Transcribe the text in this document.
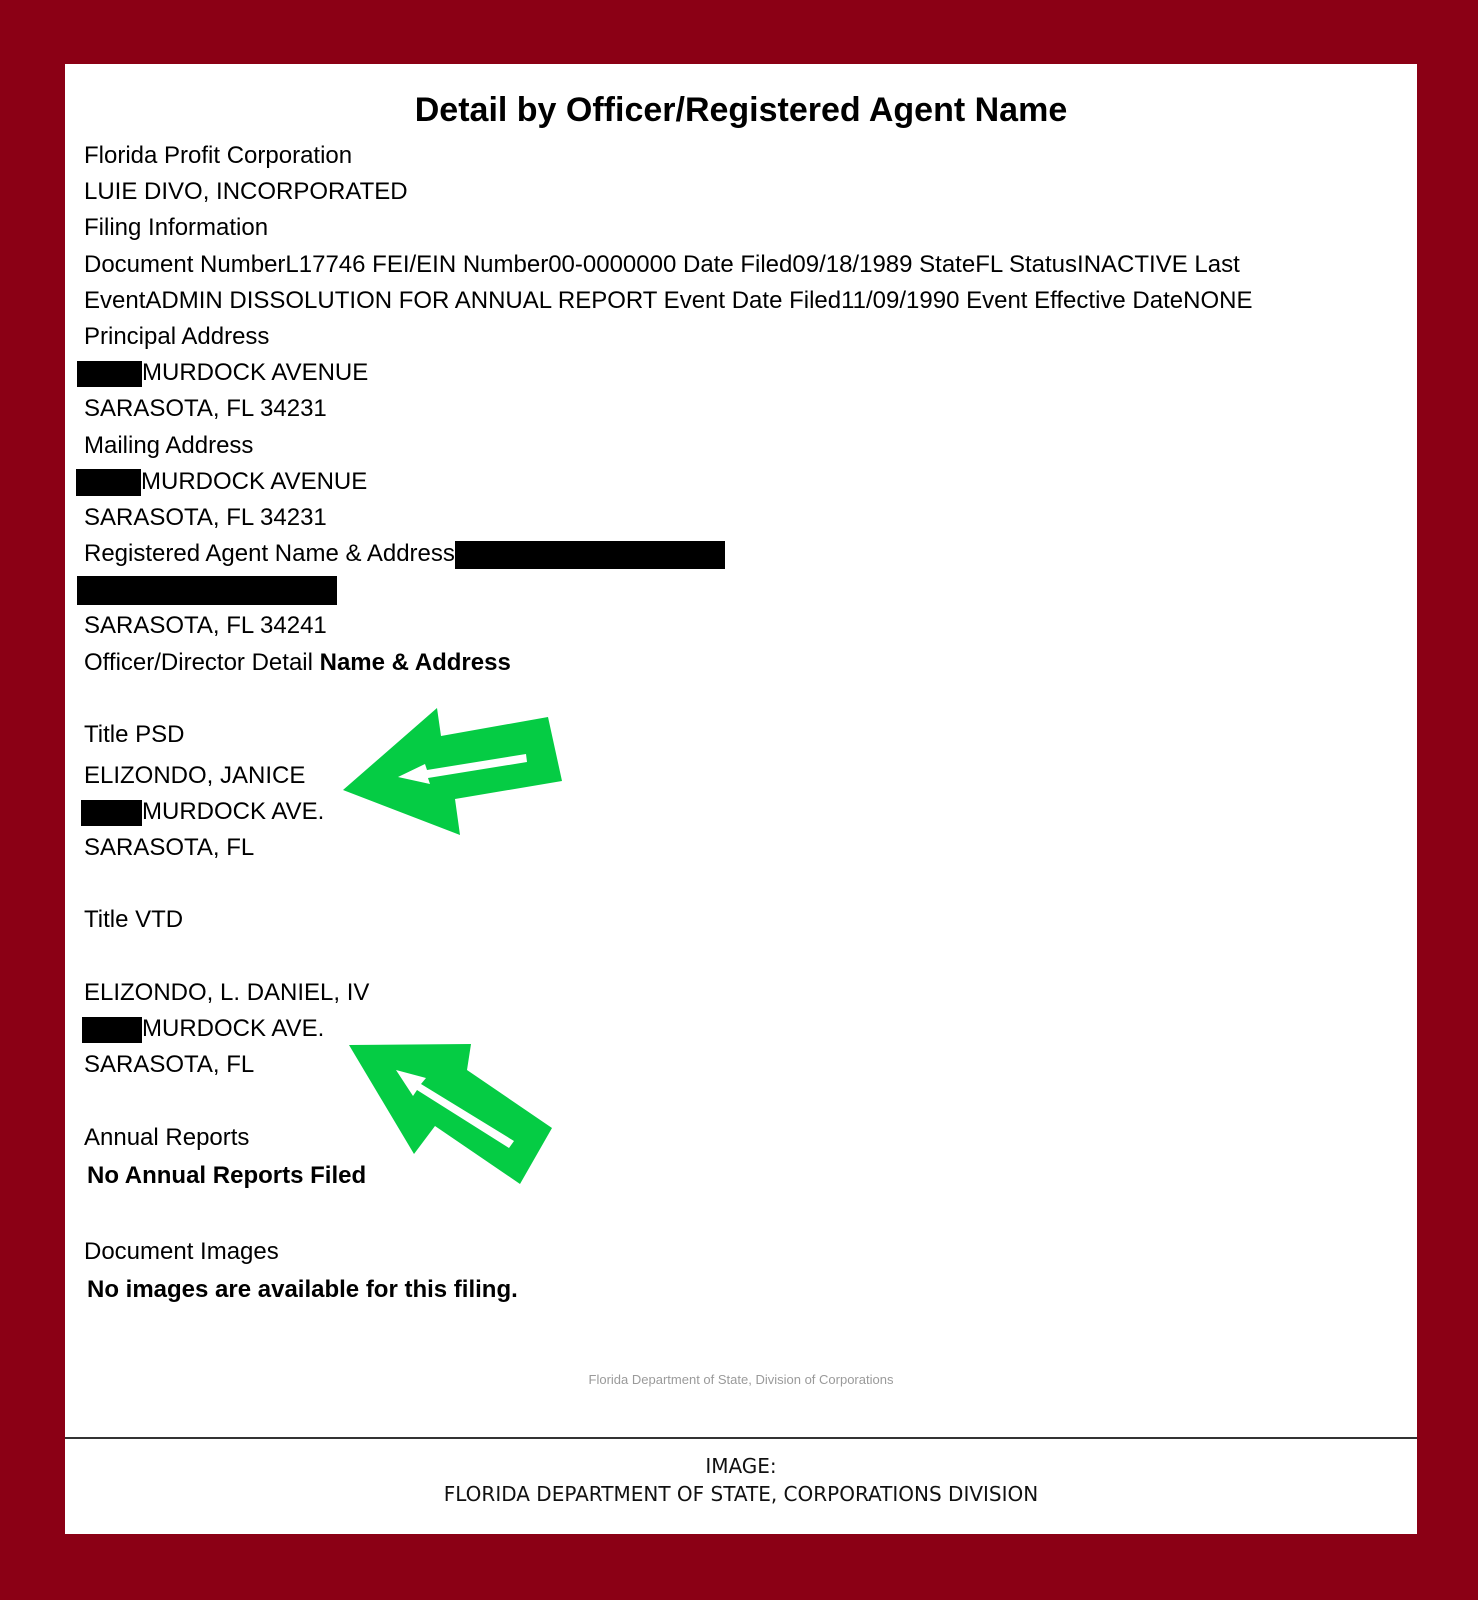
Detail by Officer/Registered Agent Name
Florida Profit Corporation
LUIE DIVO, INCORPORATED
Filing Information
Document NumberL17746 FEI/EIN Number00-0000000 Date Filed09/18/1989 StateFL StatusINACTIVE Last
EventADMIN DISSOLUTION FOR ANNUAL REPORT Event Date Filed11/09/1990 Event Effective DateNONE
Principal Address
MURDOCK AVENUE
SARASOTA, FL 34231
Mailing Address
MURDOCK AVENUE
SARASOTA, FL 34231
Registered Agent Name & Address
SARASOTA, FL 34241
Officer/Director Detail Name & Address
Title PSD
ELIZONDO, JANICE
MURDOCK AVE.
SARASOTA, FL
Title VTD
ELIZONDO, L. DANIEL, IV
MURDOCK AVE.
SARASOTA, FL
Annual Reports
No Annual Reports Filed
Document Images
No images are available for this filing.
Florida Department of State, Division of Corporations
IMAGE:
FLORIDA DEPARTMENT OF STATE, CORPORATIONS DIVISION
